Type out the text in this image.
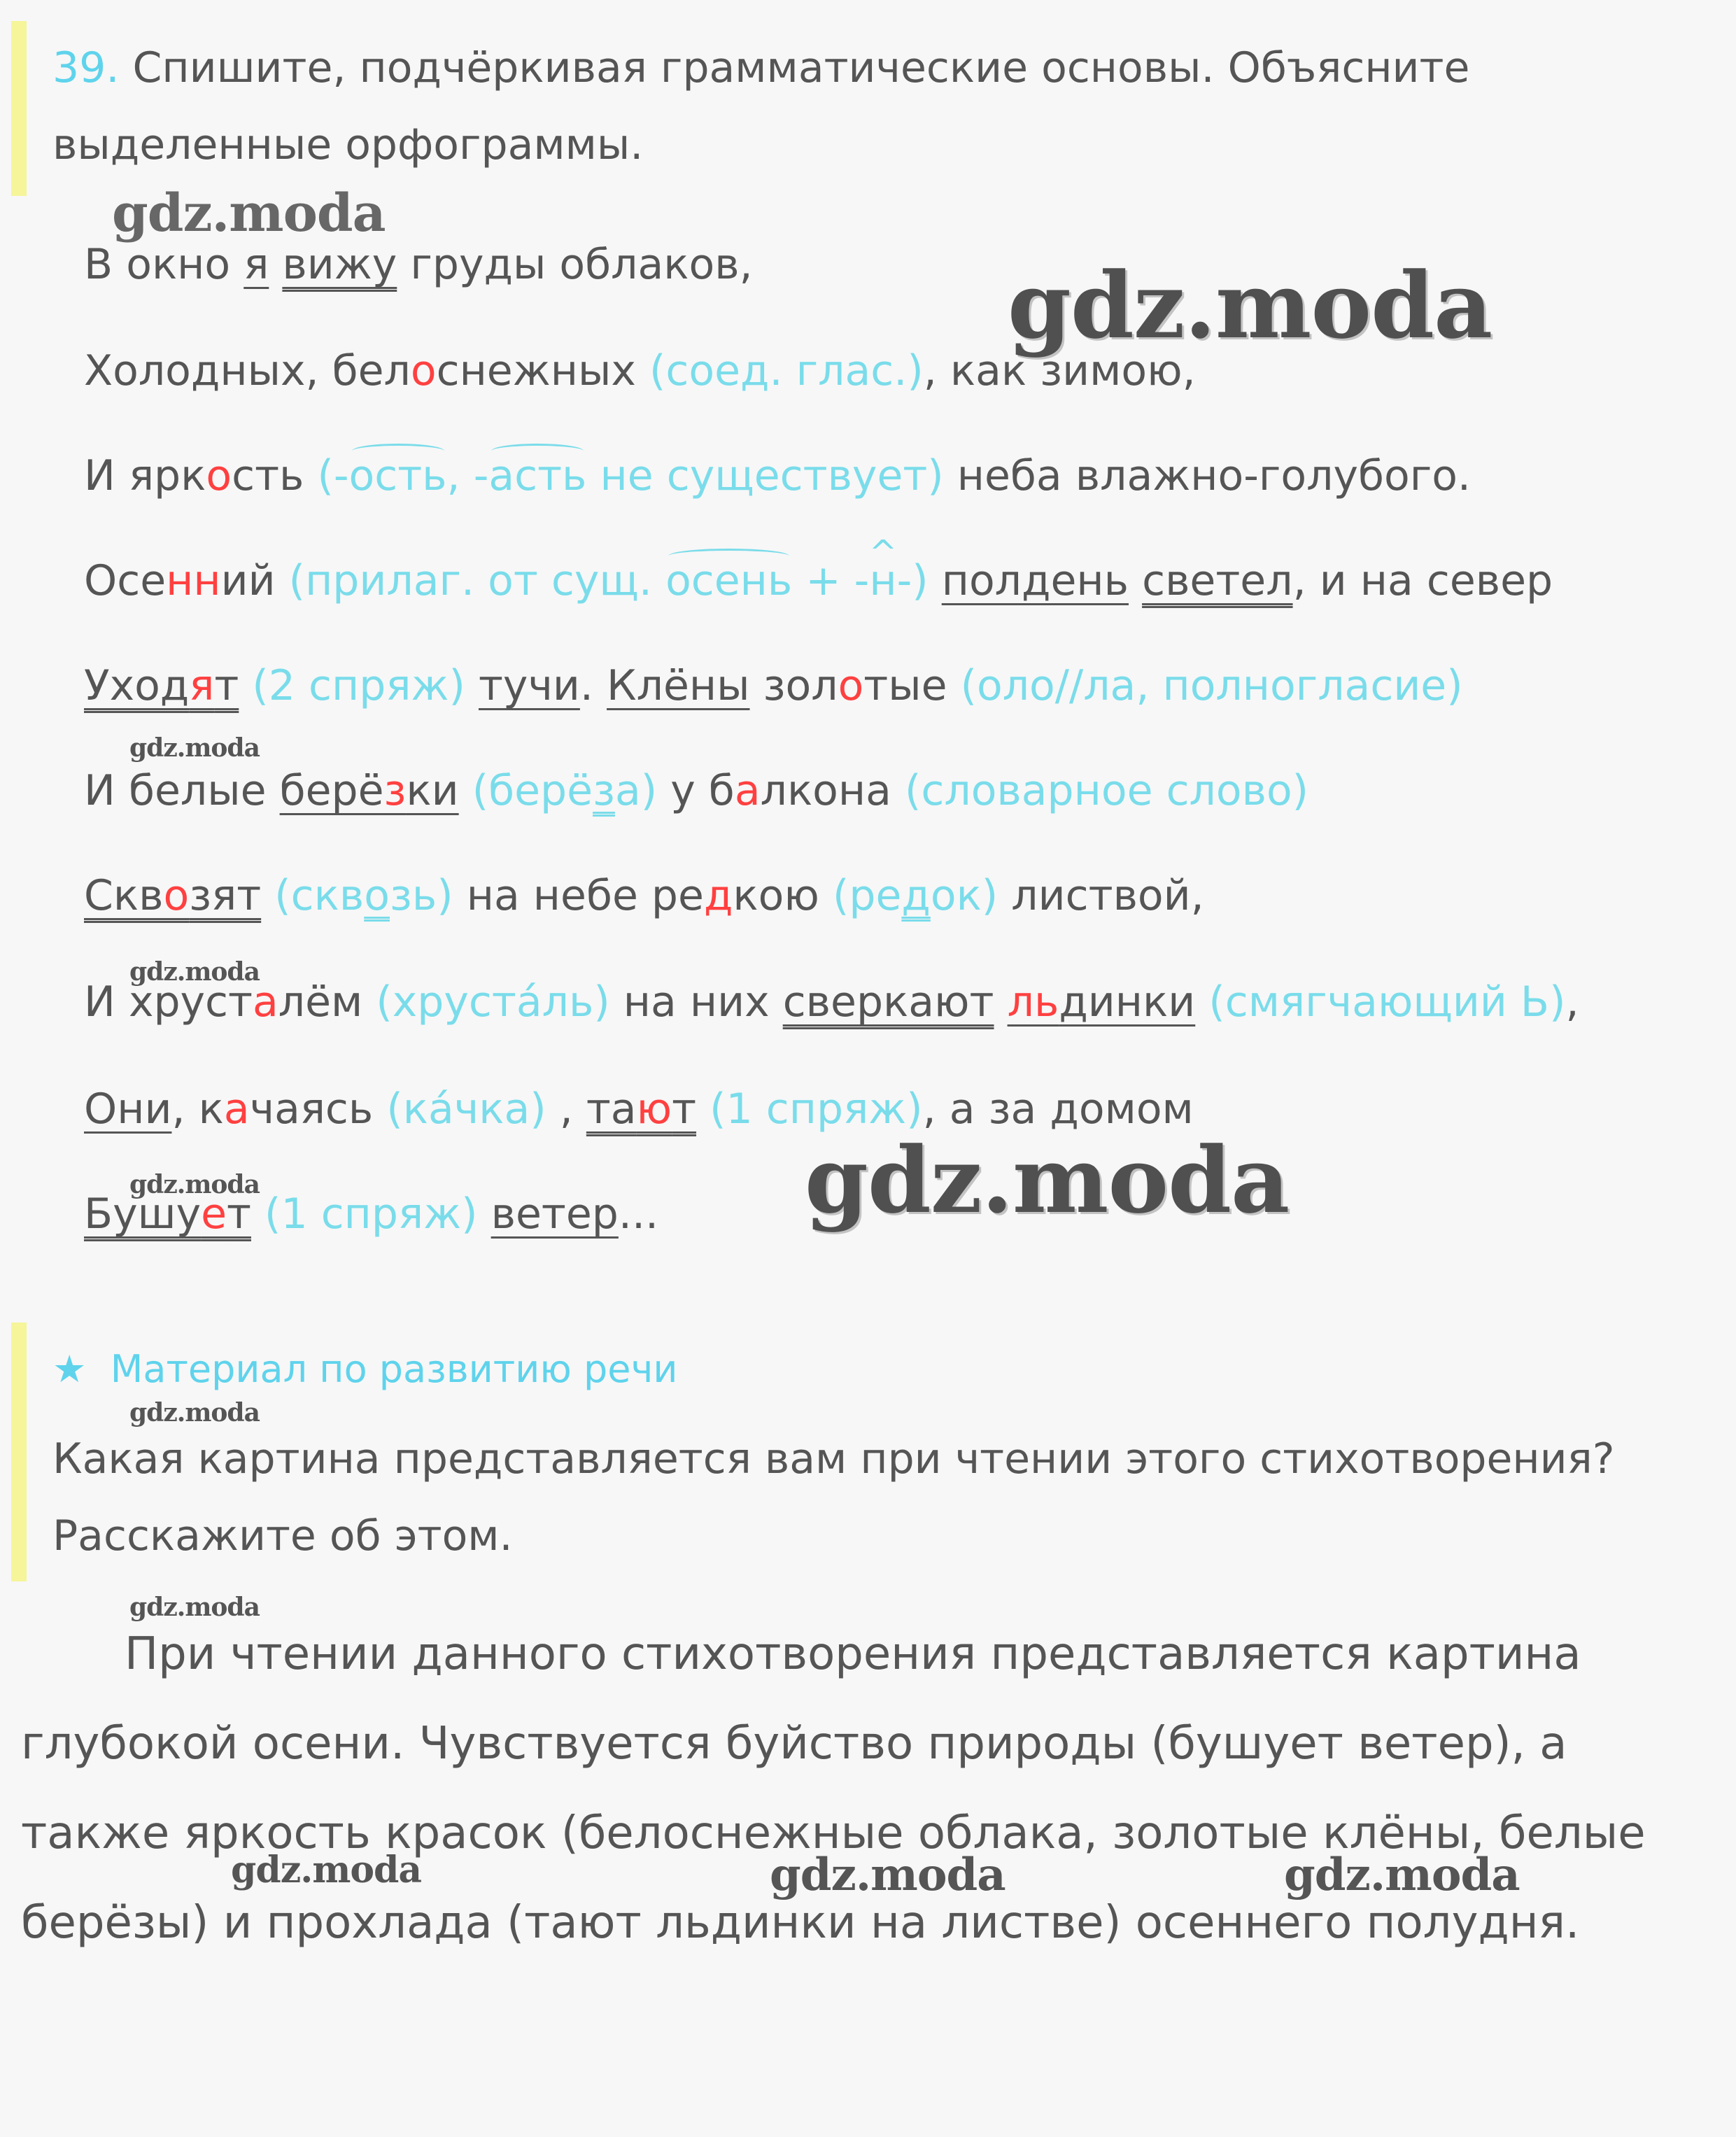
39. Спишите, подчёркивая грамматические основы. Объясните выделенные орфограммы.
В окно я вижу груды облаков,
Холодных, белоснежных (соед. глас.), как зимою,
И яркость (-ость, -асть не существует) неба влажно-голубого.
Осенний (прилаг. от сущ. осень + -^ н-) полдень светел, и на север
Уходят (2 спряж) тучи. Клёны золотые (оло//ла, полногласие)
И белые берёзки (берёза) у балкона (словарное слово)
Сквозят (сквозь) на небе редкою (редок) листвой,
И хрусталём (хрустáль) на них сверкают льдинки (смягчающий Ь),
Они, качаясь (кáчка) , тают (1 спряж), а за домом
Бушует (1 спряж) ветер...
★ Материал по развитию речи
Какая картина представляется вам при чтении этого стихотворения? Расскажите об этом.
При чтении данного стихотворения представляется картина глубокой осени. Чувствуется буйство природы (бушует ветер), а также яркость красок (белоснежные облака, золотые клёны, белые берёзы) и прохлада (тают льдинки на листве) осеннего полудня.
gdz.moda
gdz.moda
gdz.moda
gdz.moda
gdz.moda
gdz.moda
gdz.moda
gdz.moda
gdz.moda	gdz.moda	gdz.moda
